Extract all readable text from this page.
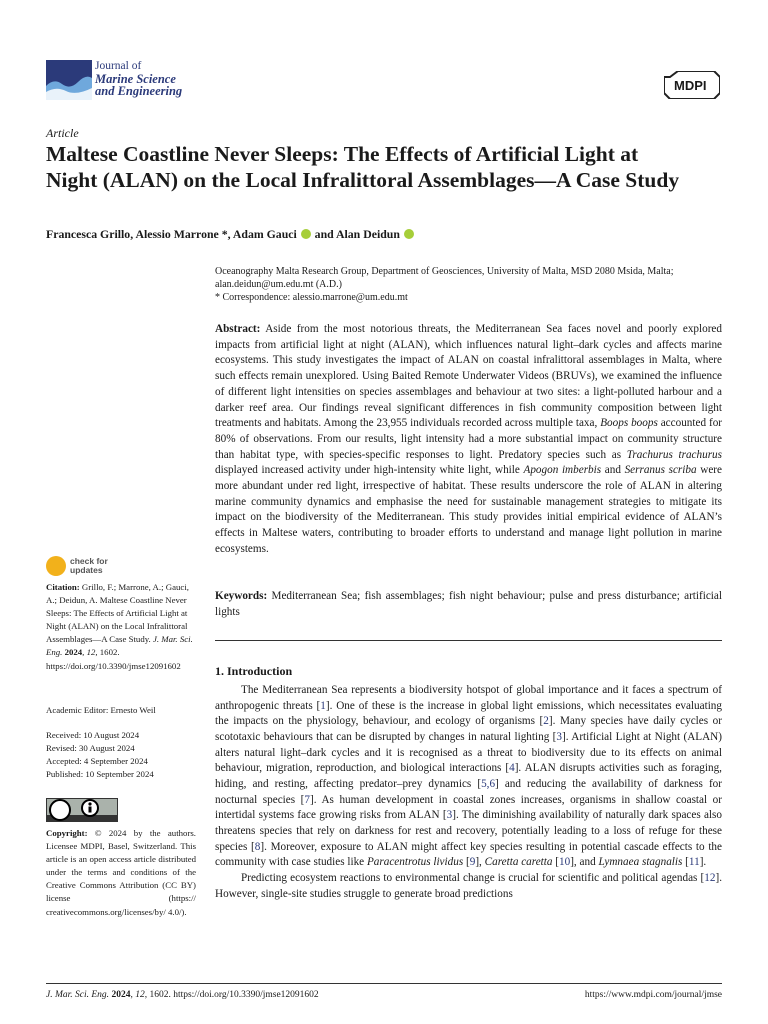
Journal of
Marine Science
and Engineering	MDPI
Article
Maltese Coastline Never Sleeps: The Effects of Artificial Light at Night (ALAN) on the Local Infralittoral Assemblages—A Case Study
Francesca Grillo, Alessio Marrone *, Adam Gauci  and Alan Deidun
Oceanography Malta Research Group, Department of Geosciences, University of Malta, MSD 2080 Msida, Malta;
alan.deidun@um.edu.mt (A.D.)
* Correspondence: alessio.marrone@um.edu.mt
Abstract: Aside from the most notorious threats, the Mediterranean Sea faces novel and poorly explored impacts from artificial light at night (ALAN), which influences natural light–dark cycles and affects marine ecosystems. This study investigates the impact of ALAN on coastal infralittoral assemblages in Malta, where such effects remain unexplored. Using Baited Remote Underwater Videos (BRUVs), we examined the influence of different light intensities on species assemblages and behaviour at two sites: a light-polluted harbour and a darker reef area. Our findings reveal significant differences in fish community composition between light treatments and habitats. Among the 23,955 individuals recorded across multiple taxa, Boops boops accounted for 80% of observations. From our results, light intensity had a more substantial impact on community structure than habitat type, with species-specific responses to light. Predatory species such as Trachurus trachurus displayed increased activity under high-intensity white light, while Apogon imberbis and Serranus scriba were more abundant under red light, irrespective of habitat. These results underscore the role of ALAN in altering marine community dynamics and emphasise the need for sustainable management strategies to mitigate its impact on the biodiversity of the Mediterranean. This study provides initial empirical evidence of ALAN’s effects in Maltese waters, contributing to broader efforts to understand and manage light pollution in marine ecosystems.
Keywords: Mediterranean Sea; fish assemblages; fish night behaviour; pulse and press disturbance; artificial lights
1. Introduction

The Mediterranean Sea represents a biodiversity hotspot of global importance and it faces a spectrum of anthropogenic threats [1]. One of these is the increase in global light emissions, which necessitates evaluating the impacts on the physiology, behaviour, and ecology of organisms [2]. Many species have daily cycles or scototaxic behaviours that can be disrupted by changes in natural lighting [3]. Artificial Light at Night (ALAN) alters natural light–dark cycles and it is recognised as a threat to biodiversity due to its effects on animal behaviour, migration, reproduction, and biological interactions [4]. ALAN disrupts activities such as foraging, hiding, and resting, affecting predator–prey dynamics [5,6] and reducing the availability of darkness for nocturnal species [7]. As human development in coastal zones increases, organisms in shallow coastal or intertidal systems face growing risks from ALAN [3]. The diminishing availability of naturally dark spaces also threatens species that rely on darkness for rest and recovery, potentially leading to a loss of refuge for these species [8]. Moreover, exposure to ALAN might affect key species resulting in potential cascade effects to the community with case studies like Paracentrotus lividus [9], Caretta caretta [10], and Lymnaea stagnalis [11].

Predicting ecosystem reactions to environmental change is crucial for scientific and political agendas [12]. However, single-site studies struggle to generate broad predictions

check for
updates
Citation: Grillo, F.; Marrone, A.; Gauci, A.; Deidun, A. Maltese Coastline Never Sleeps: The Effects of Artificial Light at Night (ALAN) on the Local Infralittoral Assemblages—A Case Study. J. Mar. Sci. Eng. 2024, 12, 1602. https://doi.org/10.3390/jmse12091602
Academic Editor: Ernesto Weil
Received: 10 August 2024
Revised: 30 August 2024
Accepted: 4 September 2024
Published: 10 September 2024
Copyright: © 2024 by the authors. Licensee MDPI, Basel, Switzerland. This article is an open access article distributed under the terms and conditions of the Creative Commons Attribution (CC BY) license (https:// creativecommons.org/licenses/by/ 4.0/).
J. Mar. Sci. Eng. 2024, 12, 1602. https://doi.org/10.3390/jmse12091602	https://www.mdpi.com/journal/jmse
